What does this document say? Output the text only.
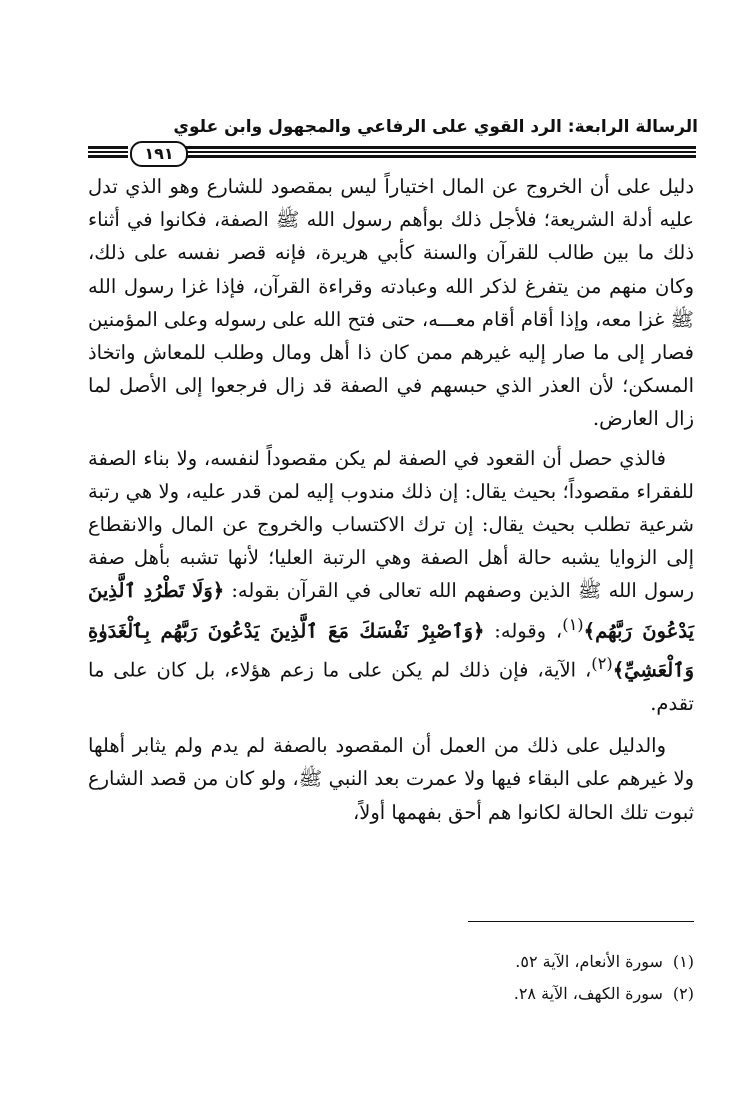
الرسالة الرابعة: الرد القوي على الرفاعي والمجهول وابن علوي
١٩١

دليل على أن الخروج عن المال اختياراً ليس بمقصود للشارع وهو الذي تدل عليه أدلة الشريعة؛ فلأجل ذلك بوأهم رسول الله ﷺ الصفة، فكانوا في أثناء ذلك ما بين طالب للقرآن والسنة كأبي هريرة، فإنه قصر نفسه على ذلك، وكان منهم من يتفرغ لذكر الله وعبادته وقراءة القرآن، فإذا غزا رسول الله ﷺ غزا معه، وإذا أقام أقام معـــه، حتى فتح الله على رسوله وعلى المؤمنين فصار إلى ما صار إليه غيرهم ممن كان ذا أهل ومال وطلب للمعاش واتخاذ المسكن؛ لأن العذر الذي حبسهم في الصفة قد زال فرجعوا إلى الأصل لما زال العارض.

فالذي حصل أن القعود في الصفة لم يكن مقصوداً لنفسه، ولا بناء الصفة للفقراء مقصوداً؛ بحيث يقال: إن ذلك مندوب إليه لمن قدر عليه، ولا هي رتبة شرعية تطلب بحيث يقال: إن ترك الاكتساب والخروج عن المال والانقطاع إلى الزوايا يشبه حالة أهل الصفة وهي الرتبة العليا؛ لأنها تشبه بأهل صفة رسول الله ﷺ الذين وصفهم الله تعالى في القرآن بقوله: ﴿وَلَا تَطْرُدِ ٱلَّذِينَ يَدْعُونَ رَبَّهُم﴾$^{(١)}$، وقوله: ﴿وَٱصْبِرْ نَفْسَكَ مَعَ ٱلَّذِينَ يَدْعُونَ رَبَّهُم بِٱلْغَدَوٰةِ وَٱلْعَشِيِّ﴾$^{(٢)}$، الآية، فإن ذلك لم يكن على ما زعم هؤلاء، بل كان على ما تقدم.

والدليل على ذلك من العمل أن المقصود بالصفة لم يدم ولم يثابر أهلها ولا غيرهم على البقاء فيها ولا عمرت بعد النبي ﷺ، ولو كان من قصد الشارع ثبوت تلك الحالة لكانوا هم أحق بفهمها أولاً،

(١)سورة الأنعام، الآية ٥٢.
(٢)سورة الكهف، الآية ٢٨.
